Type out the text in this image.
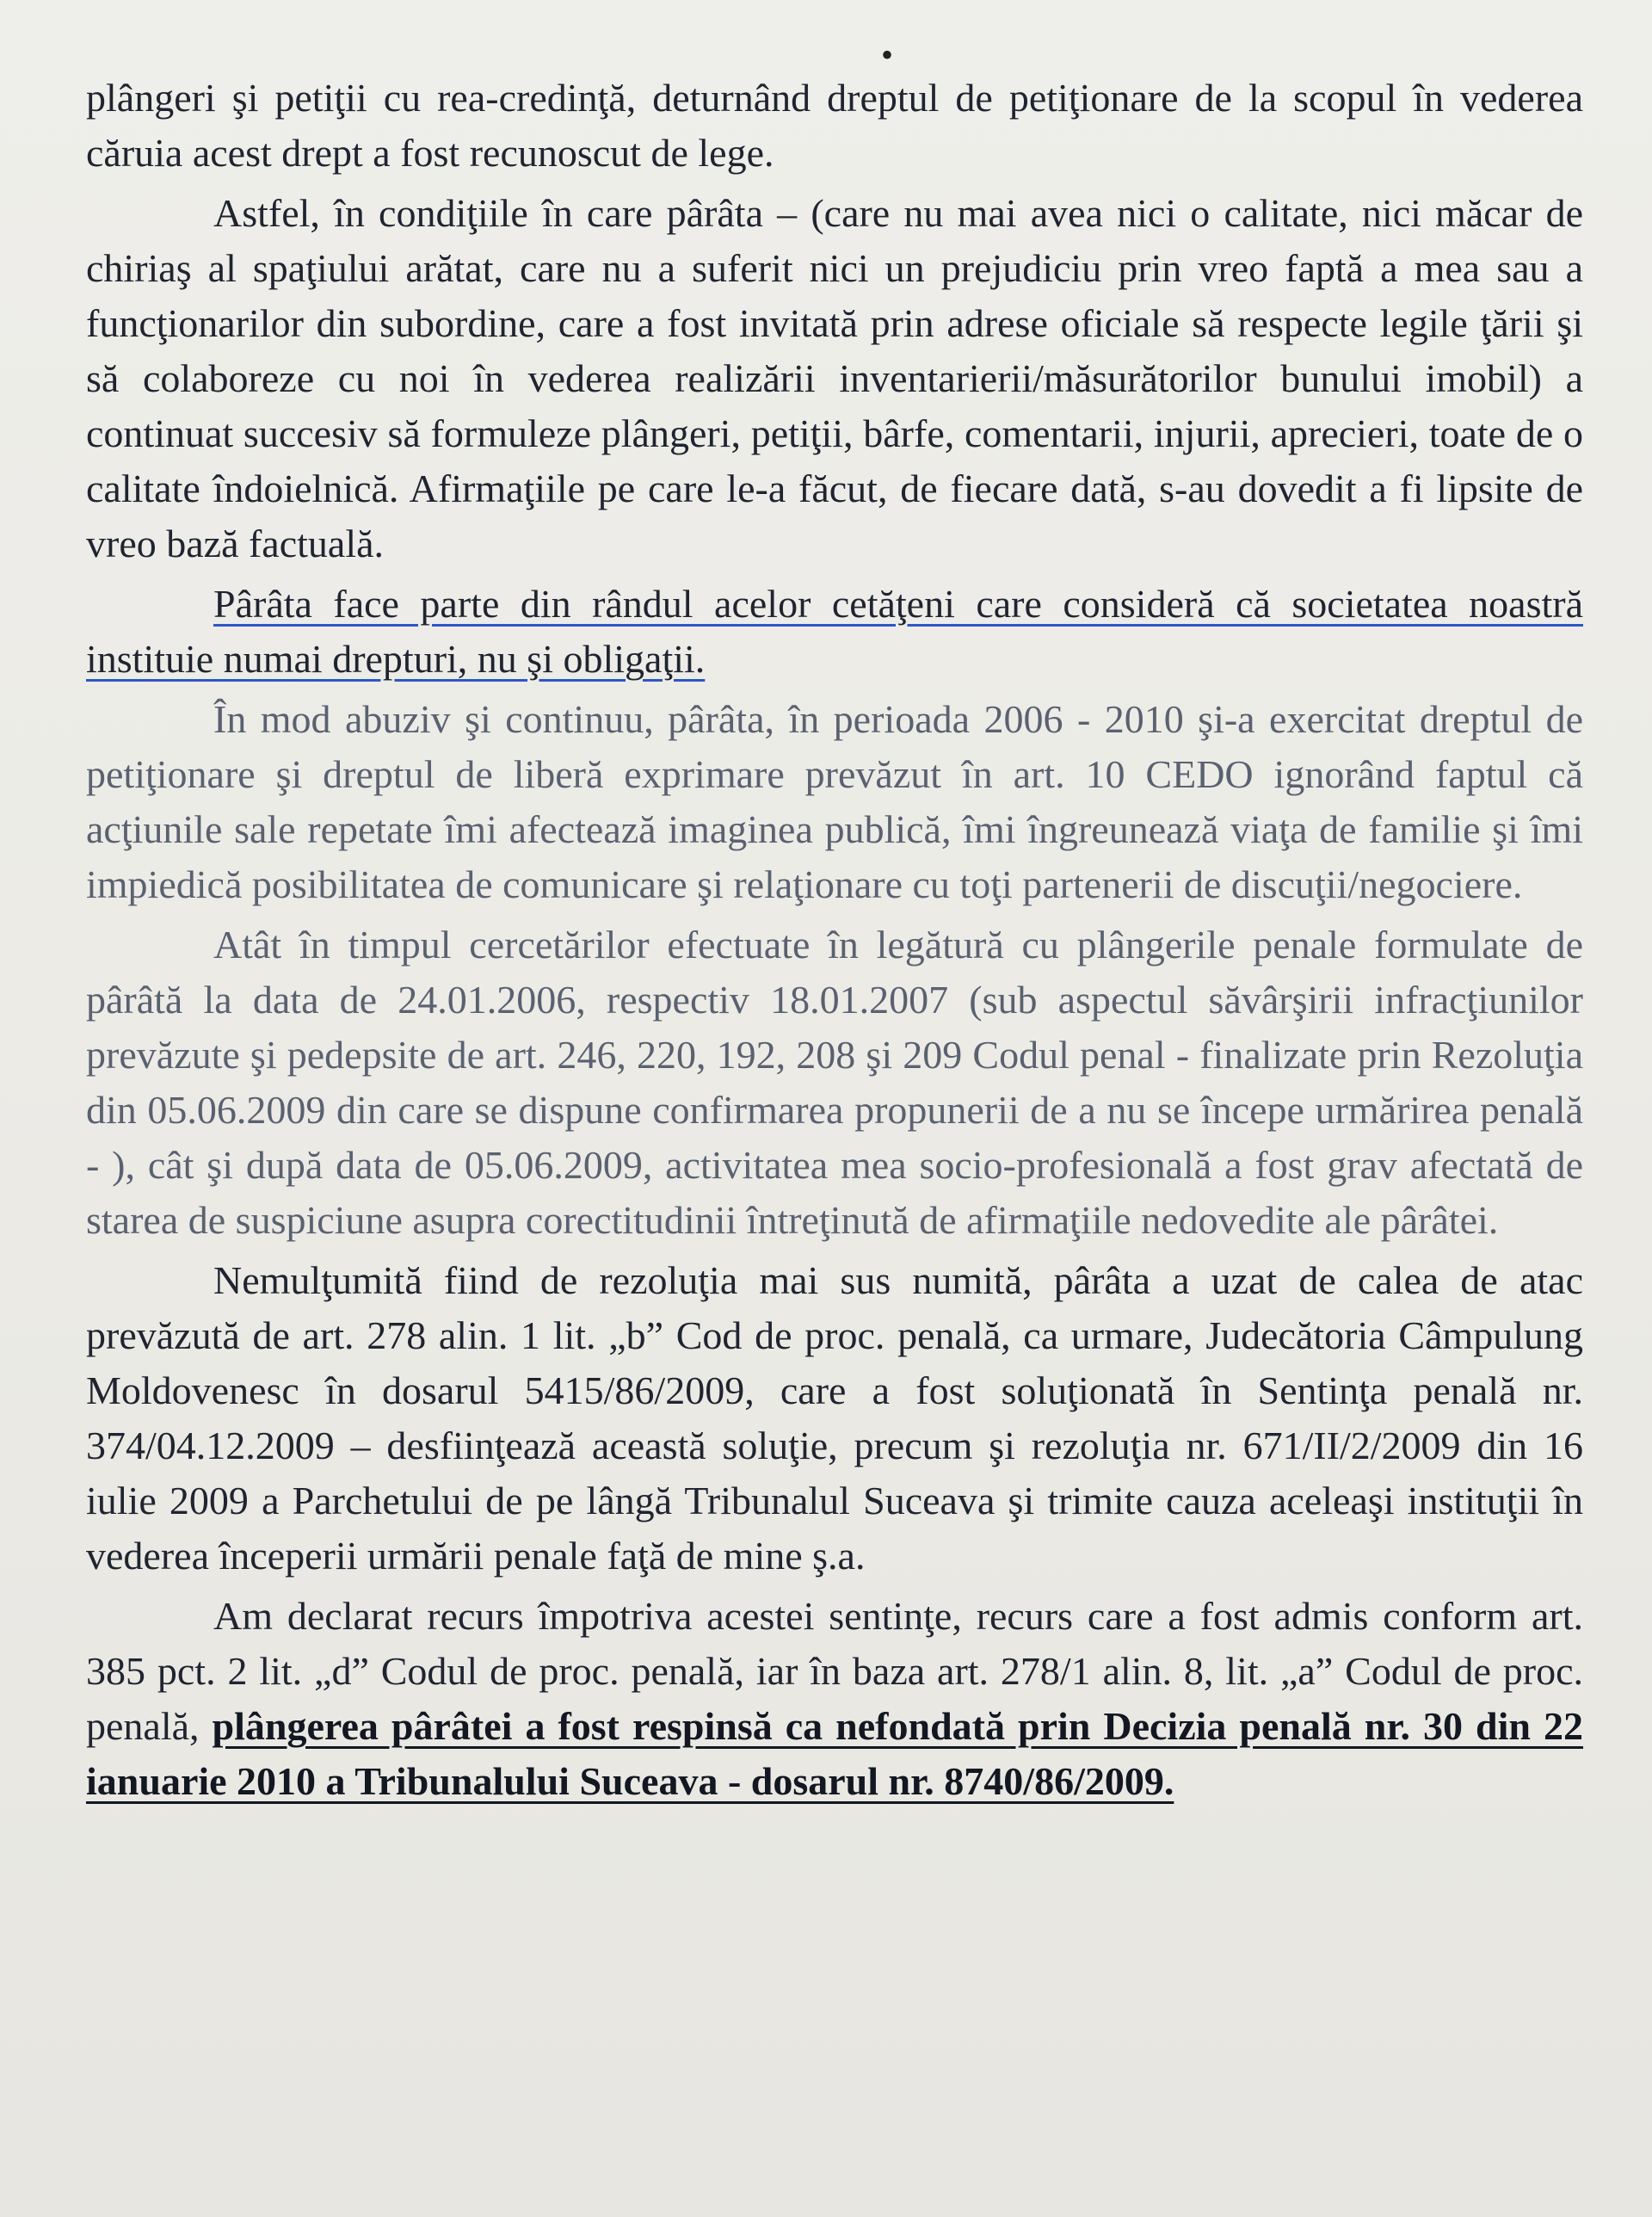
•

plângeri şi petiţii cu rea-credinţă, deturnând dreptul de petiţionare de la scopul în vederea căruia acest drept a fost recunoscut de lege.

Astfel, în condiţiile în care pârâta – (care nu mai avea nici o calitate, nici măcar de chiriaş al spaţiului arătat, care nu a suferit nici un prejudiciu prin vreo faptă a mea sau a funcţionarilor din subordine, care a fost invitată prin adrese oficiale să respecte legile ţării şi să colaboreze cu noi în vederea realizării inventarierii/măsurătorilor bunului imobil) a continuat succesiv să formuleze plângeri, petiţii, bârfe, comentarii, injurii, aprecieri, toate de o calitate îndoielnică. Afirmaţiile pe care le-a făcut, de fiecare dată, s-au dovedit a fi lipsite de vreo bază factuală.

Pârâta face parte din rândul acelor cetăţeni care consideră că societatea noastră instituie numai drepturi, nu şi obligaţii.

În mod abuziv şi continuu, pârâta, în perioada 2006 - 2010 şi-a exercitat dreptul de petiţionare şi dreptul de liberă exprimare prevăzut în art. 10 CEDO ignorând faptul că acţiunile sale repetate îmi afectează imaginea publică, îmi îngreunează viaţa de familie şi îmi impiedică posibilitatea de comunicare şi relaţionare cu toţi partenerii de discuţii/negociere.

Atât în timpul cercetărilor efectuate în legătură cu plângerile penale formulate de pârâtă la data de 24.01.2006, respectiv 18.01.2007 (sub aspectul săvârşirii infracţiunilor prevăzute şi pedepsite de art. 246, 220, 192, 208 şi 209 Codul penal - finalizate prin Rezoluţia din 05.06.2009 din care se dispune confirmarea propunerii de a nu se începe urmărirea penală - ), cât şi după data de 05.06.2009, activitatea mea socio-profesională a fost grav afectată de starea de suspiciune asupra corectitudinii întreţinută de afirmaţiile nedovedite ale pârâtei.

Nemulţumită fiind de rezoluţia mai sus numită, pârâta a uzat de calea de atac prevăzută de art. 278 alin. 1 lit. „b” Cod de proc. penală, ca urmare, Judecătoria Câmpulung Moldovenesc în dosarul 5415/86/2009, care a fost soluţionată în Sentinţa penală nr. 374/04.12.2009 – desfiinţează această soluţie, precum şi rezoluţia nr. 671/II/2/2009 din 16 iulie 2009 a Parchetului de pe lângă Tribunalul Suceava şi trimite cauza aceleaşi instituţii în vederea începerii urmării penale faţă de mine ş.a.

Am declarat recurs împotriva acestei sentinţe, recurs care a fost admis conform art. 385 pct. 2 lit. „d” Codul de proc. penală, iar în baza art. 278/1 alin. 8, lit. „a” Codul de proc. penală, plângerea pârâtei a fost respinsă ca nefondată prin Decizia penală nr. 30 din 22 ianuarie 2010 a Tribunalului Suceava - dosarul nr. 8740/86/2009.
